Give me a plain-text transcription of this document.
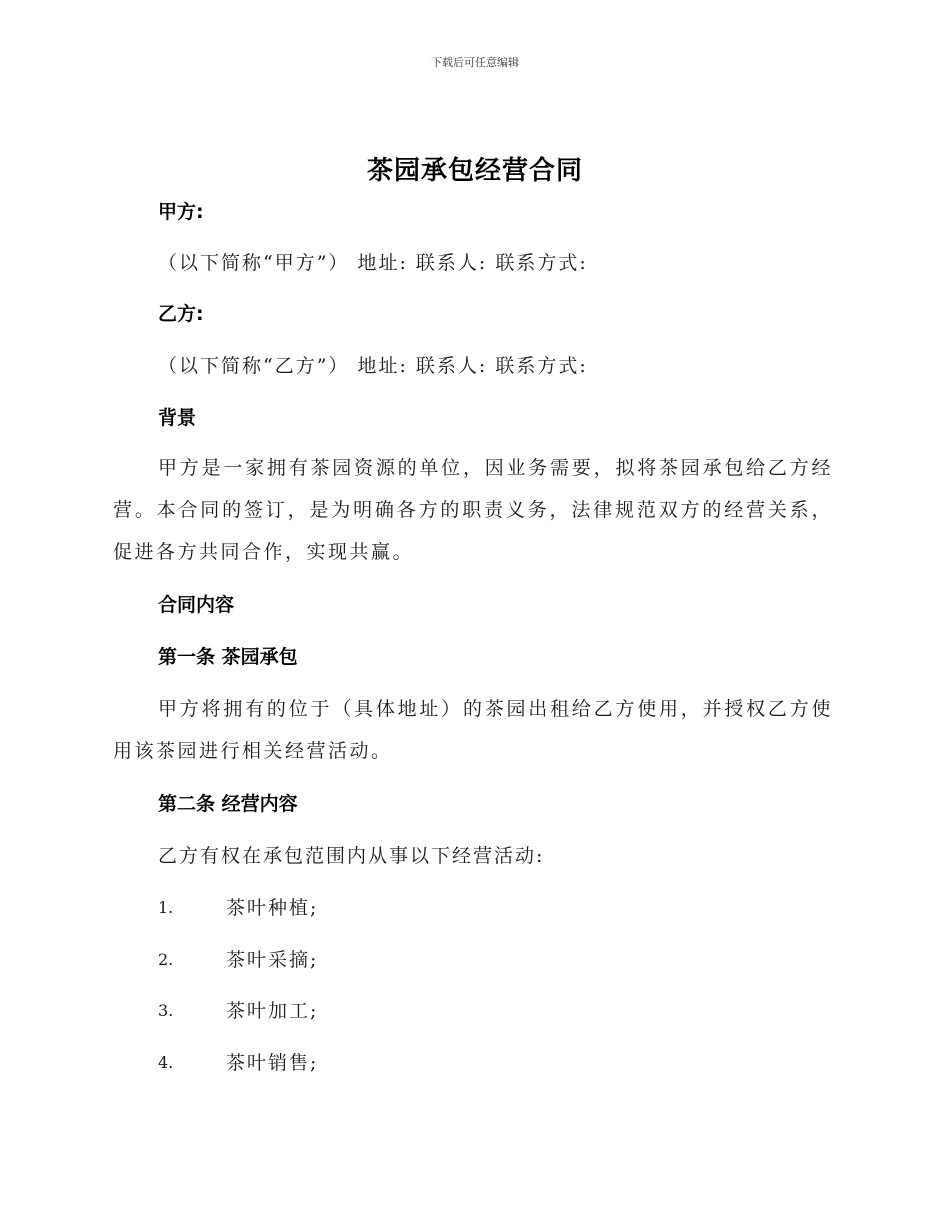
下载后可任意编辑
茶园承包经营合同
甲方:
（以下简称“甲方”） 地址: 联系人: 联系方式:
乙方:
（以下简称“乙方”） 地址: 联系人: 联系方式:
背景
甲方是一家拥有茶园资源的单位，因业务需要，拟将茶园承包给乙方经营。本合同的签订，是为明确各方的职责义务，法律规范双方的经营关系，促进各方共同合作，实现共赢。
合同内容
第一条 茶园承包
甲方将拥有的位于（具体地址）的茶园出租给乙方使用，并授权乙方使用该茶园进行相关经营活动。
第二条 经营内容
乙方有权在承包范围内从事以下经营活动:
1.	茶叶种植;
2.	茶叶采摘;
3.	茶叶加工;
4.	茶叶销售;
